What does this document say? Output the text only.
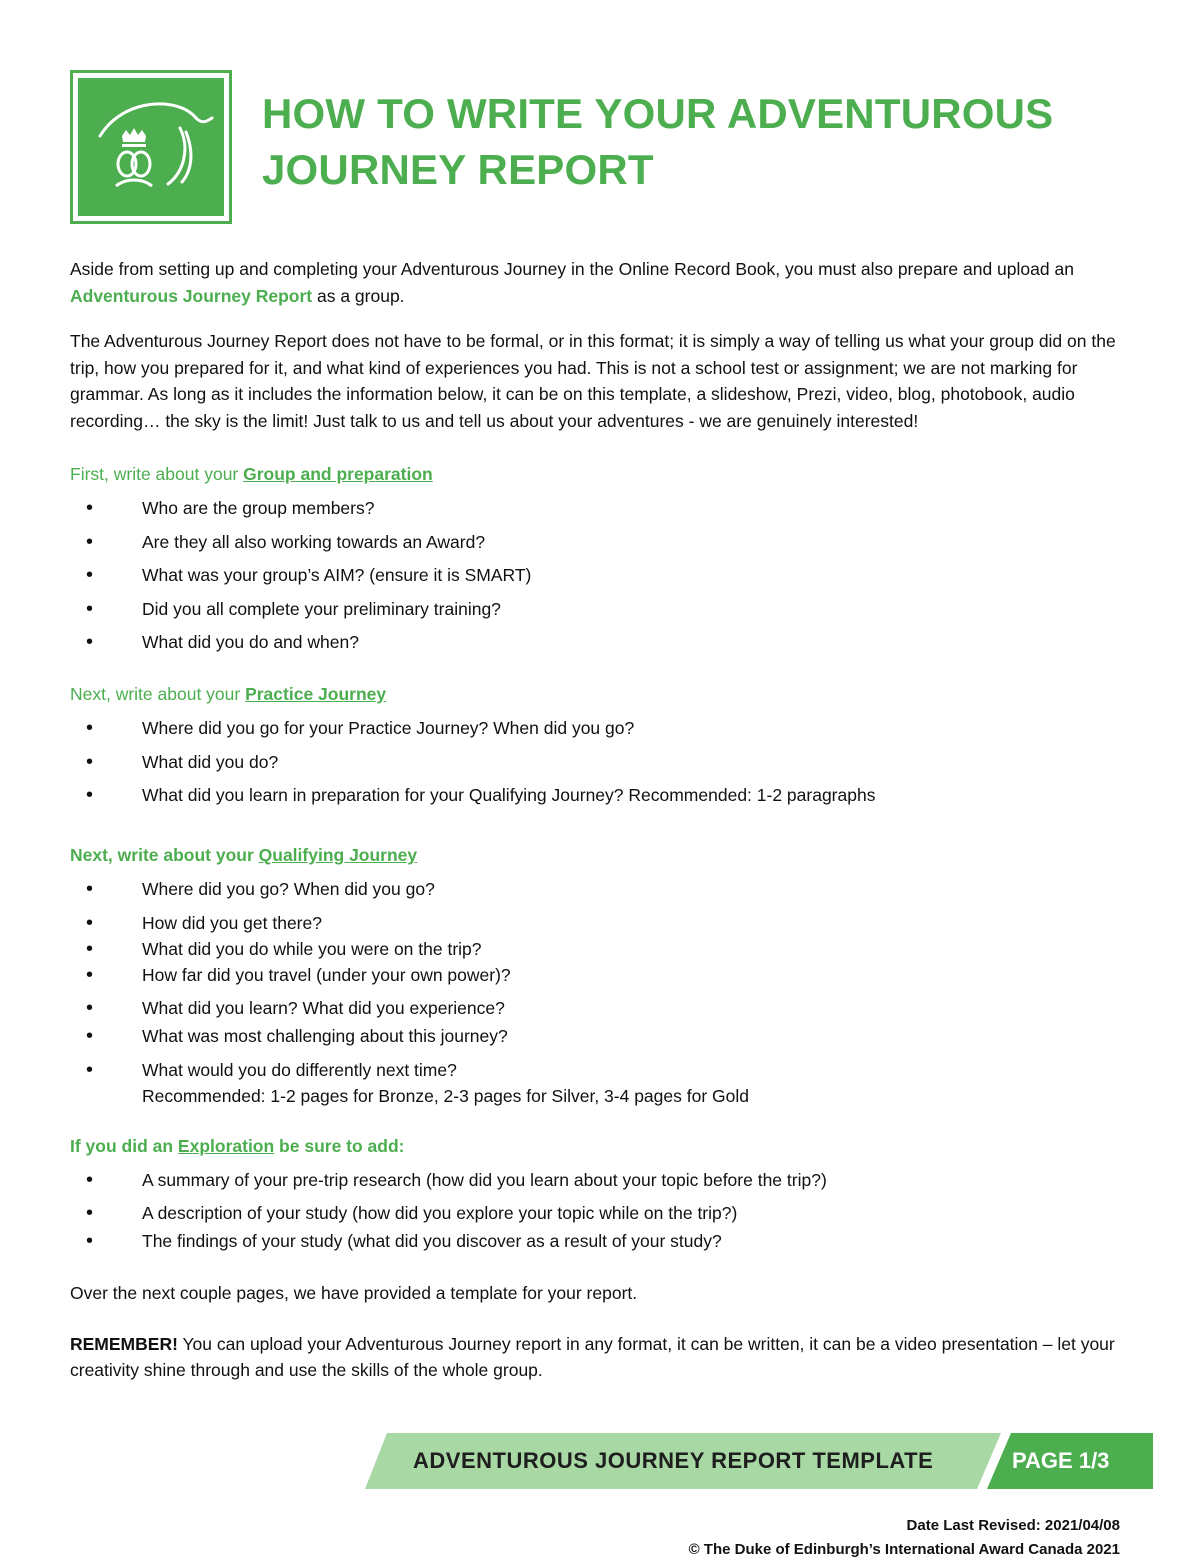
HOW TO WRITE YOUR ADVENTUROUS
JOURNEY REPORT

Aside from setting up and completing your Adventurous Journey in the Online Record Book, you must also prepare and upload an Adventurous Journey Report as a group.

The Adventurous Journey Report does not have to be formal, or in this format; it is simply a way of telling us what your group did on the trip, how you prepared for it, and what kind of experiences you had. This is not a school test or assignment; we are not marking for grammar. As long as it includes the information below, it can be on this template, a slideshow, Prezi, video, blog, photobook, audio recording… the sky is the limit! Just talk to us and tell us about your adventures - we are genuinely interested!

First, write about your Group and preparation
• Who are the group members?
• Are they all also working towards an Award?
• What was your group’s AIM? (ensure it is SMART)
• Did you all complete your preliminary training?
• What did you do and when?
Next, write about your Practice Journey
• Where did you go for your Practice Journey? When did you go?
• What did you do?
• What did you learn in preparation for your Qualifying Journey? Recommended: 1-2 paragraphs
Next, write about your Qualifying Journey
• Where did you go? When did you go?
• How did you get there?
• What did you do while you were on the trip?
• How far did you travel (under your own power)?
• What did you learn? What did you experience?
• What was most challenging about this journey?
• What would you do differently next time?
Recommended: 1-2 pages for Bronze, 2-3 pages for Silver, 3-4 pages for Gold
If you did an Exploration be sure to add:
• A summary of your pre-trip research (how did you learn about your topic before the trip?)
• A description of your study (how did you explore your topic while on the trip?)
• The findings of your study (what did you discover as a result of your study?

Over the next couple pages, we have provided a template for your report.

REMEMBER! You can upload your Adventurous Journey report in any format, it can be written, it can be a video presentation – let your creativity shine through and use the skills of the whole group.

ADVENTUROUS JOURNEY REPORT TEMPLATE	PAGE 1/3
Date Last Revised: 2021/04/08
© The Duke of Edinburgh’s International Award Canada 2021
